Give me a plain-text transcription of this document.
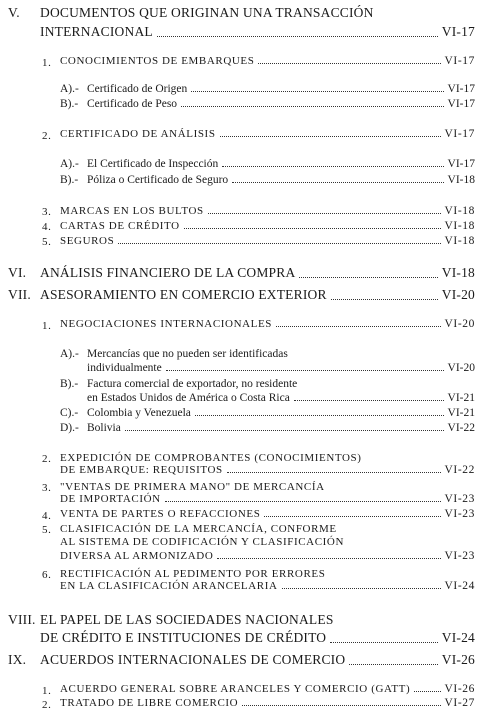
V. DOCUMENTOS QUE ORIGINAN UNA TRANSACCIÓN
INTERNACIONAL	VI-17
1. CONOCIMIENTOS DE EMBARQUES	VI-17
A).- Certificado de Origen	VI-17
B).- Certificado de Peso	VI-17
2. CERTIFICADO DE ANÁLISIS	VI-17
A).- El Certificado de Inspección	VI-17
B).- Póliza o Certificado de Seguro	VI-18
3. MARCAS EN LOS BULTOS	VI-18
4. CARTAS DE CRÉDITO	VI-18
5. SEGUROS	VI-18
VI. ANÁLISIS FINANCIERO DE LA COMPRA	VI-18
VII. ASESORAMIENTO EN COMERCIO EXTERIOR	VI-20
1. NEGOCIACIONES INTERNACIONALES	VI-20
A).- Mercancías que no pueden ser identificadas
individualmente	VI-20
B).- Factura comercial de exportador, no residente
en Estados Unidos de América o Costa Rica	VI-21
C).- Colombia y Venezuela	VI-21
D).- Bolivia	VI-22
2. EXPEDICIÓN DE COMPROBANTES (CONOCIMIENTOS)
DE EMBARQUE: REQUISITOS	VI-22
3. "VENTAS DE PRIMERA MANO" DE MERCANCÍA
DE IMPORTACIÓN	VI-23
4. VENTA DE PARTES O REFACCIONES	VI-23
5. CLASIFICACIÓN DE LA MERCANCÍA, CONFORME
AL SISTEMA DE CODIFICACIÓN Y CLASIFICACIÓN
DIVERSA AL ARMONIZADO	VI-23
6. RECTIFICACIÓN AL PEDIMENTO POR ERRORES
EN LA CLASIFICACIÓN ARANCELARIA	VI-24
VIII. EL PAPEL DE LAS SOCIEDADES NACIONALES
DE CRÉDITO E INSTITUCIONES DE CRÉDITO	VI-24
IX. ACUERDOS INTERNACIONALES DE COMERCIO	VI-26
1. ACUERDO GENERAL SOBRE ARANCELES Y COMERCIO (GATT)	VI-26
2. TRATADO DE LIBRE COMERCIO	VI-27
